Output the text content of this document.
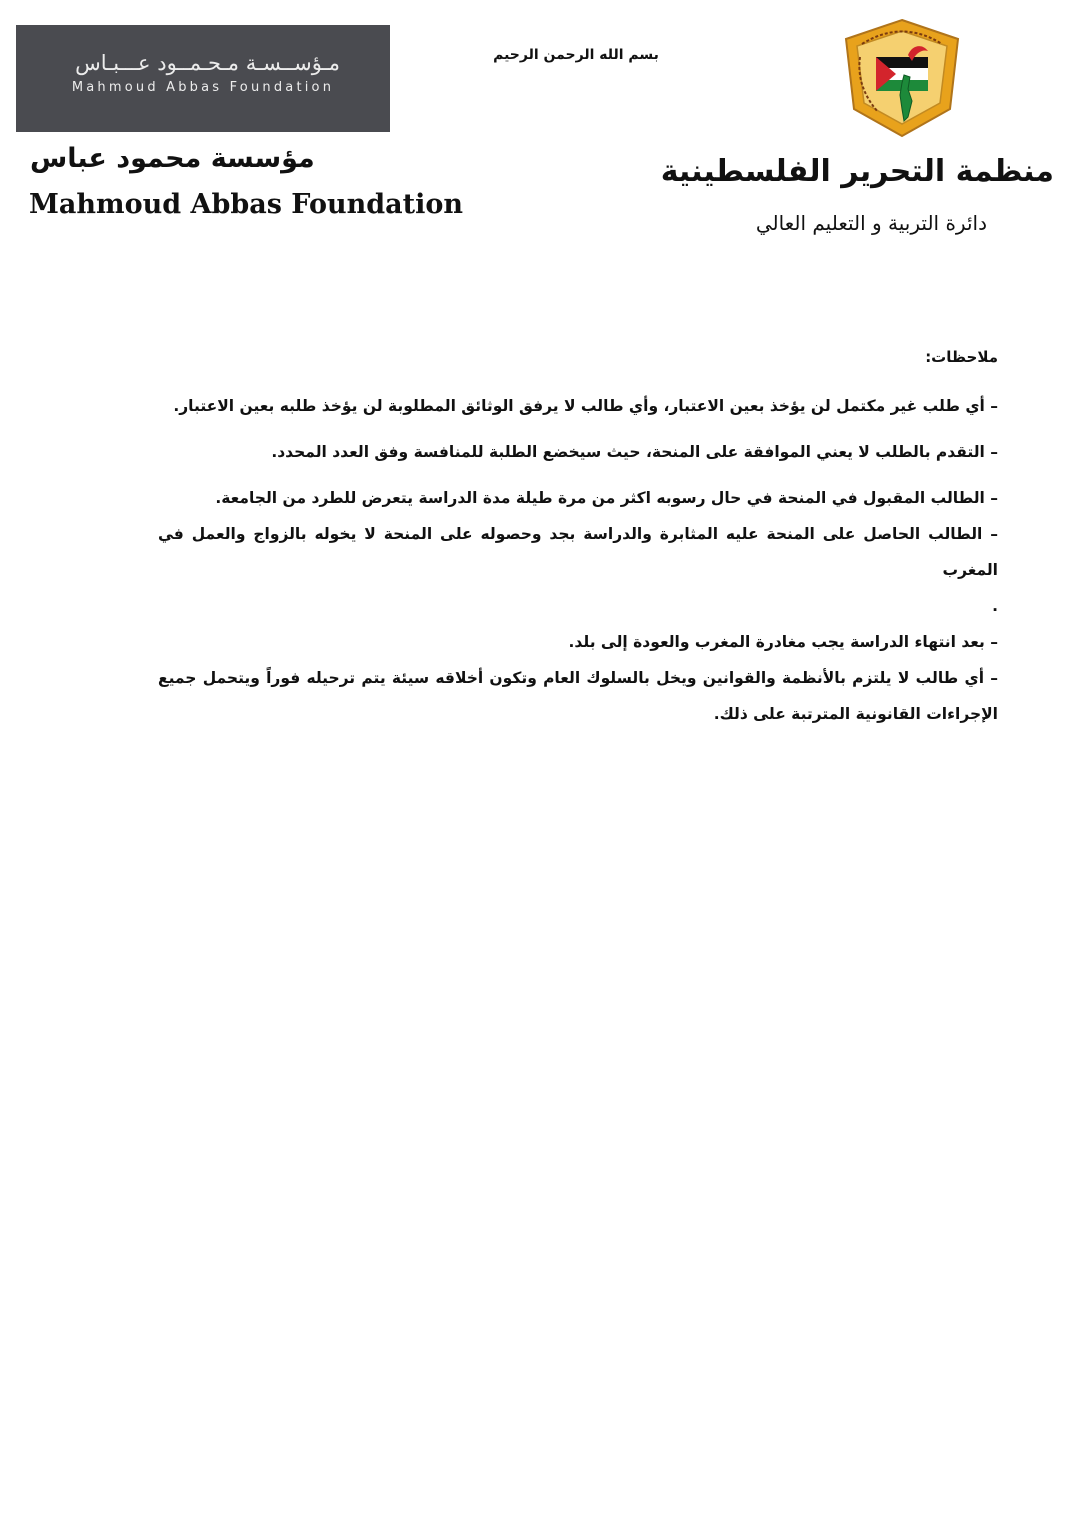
مـؤســسـة مـحـمــود عـــبـاس
Mahmoud Abbas Foundation
مؤسسة محمود عباس
Mahmoud Abbas Foundation
بسم الله الرحمن الرحيم
منظمة التحرير الفلسطينية
دائرة التربية و التعليم العالي

ملاحظات:

– أي طلب غير مكتمل لن يؤخذ بعين الاعتبار، وأي طالب لا يرفق الوثائق المطلوبة لن يؤخذ طلبه بعين الاعتبار.

– التقدم بالطلب لا يعني الموافقة على المنحة، حيث سيخضع الطلبة للمنافسة وفق العدد المحدد.

– الطالب المقبول في المنحة في حال رسوبه اكثر من مرة طيلة مدة الدراسة يتعرض للطرد من الجامعة.

– الطالب الحاصل على المنحة عليه المثابرة والدراسة بجد وحصوله على المنحة لا يخوله بالزواج والعمل في المغرب

.

– بعد انتهاء الدراسة يجب مغادرة المغرب والعودة إلى بلد.

– أي طالب لا يلتزم بالأنظمة والقوانين ويخل بالسلوك العام وتكون أخلاقه سيئة يتم ترحيله فوراً ويتحمل جميع الإجراءات القانونية المترتبة على ذلك.
